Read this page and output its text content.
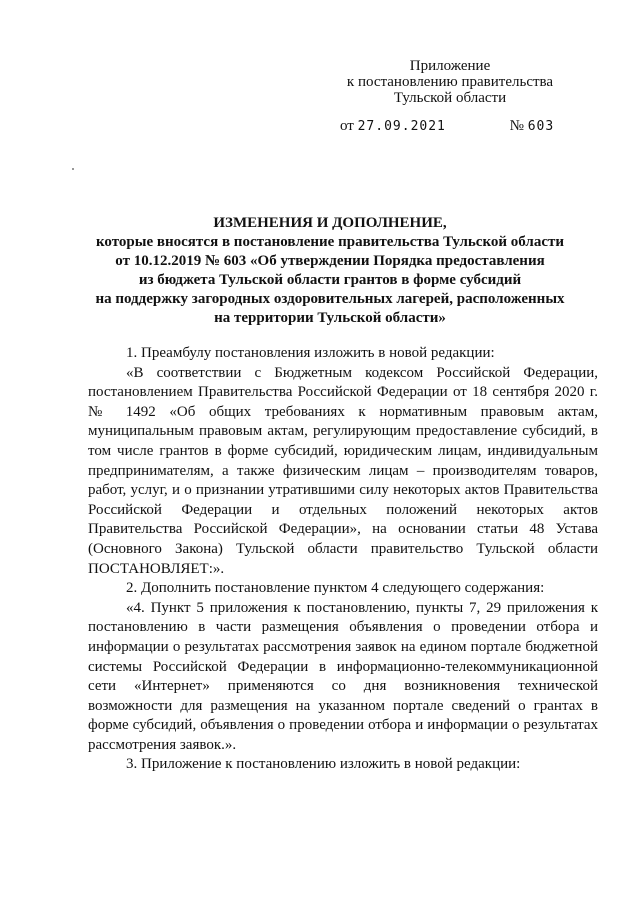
Приложение
к постановлению правительства
Тульской области
от 27.09.2021	№ 603
ИЗМЕНЕНИЯ И ДОПОЛНЕНИЕ,
которые вносятся в постановление правительства Тульской области
от 10.12.2019 № 603 «Об утверждении Порядка предоставления
из бюджета Тульской области грантов в форме субсидий
на поддержку загородных оздоровительных лагерей, расположенных
на территории Тульской области»

1. Преамбулу постановления изложить в новой редакции:

«В соответствии с Бюджетным кодексом Российской Федерации, постановлением Правительства Российской Федерации от 18 сентября 2020 г. № 1492 «Об общих требованиях к нормативным правовым актам, муниципальным правовым актам, регулирующим предоставление субсидий, в том числе грантов в форме субсидий, юридическим лицам, индивидуальным предпринимателям, а также физическим лицам – производителям товаров, работ, услуг, и о признании утратившими силу некоторых актов Правительства Российской Федерации и отдельных положений некоторых актов Правительства Российской Федерации», на основании статьи 48 Устава (Основного Закона) Тульской области правительство Тульской области ПОСТАНОВЛЯЕТ:».

2. Дополнить постановление пунктом 4 следующего содержания:

«4. Пункт 5 приложения к постановлению, пункты 7, 29 приложения к постановлению в части размещения объявления о проведении отбора и информации о результатах рассмотрения заявок на едином портале бюджетной системы Российской Федерации в информационно-телекоммуникационной сети «Интернет» применяются со дня возникновения технической возможности для размещения на указанном портале сведений о грантах в форме субсидий, объявления о проведении отбора и информации о результатах рассмотрения заявок.».

3. Приложение к постановлению изложить в новой редакции:
